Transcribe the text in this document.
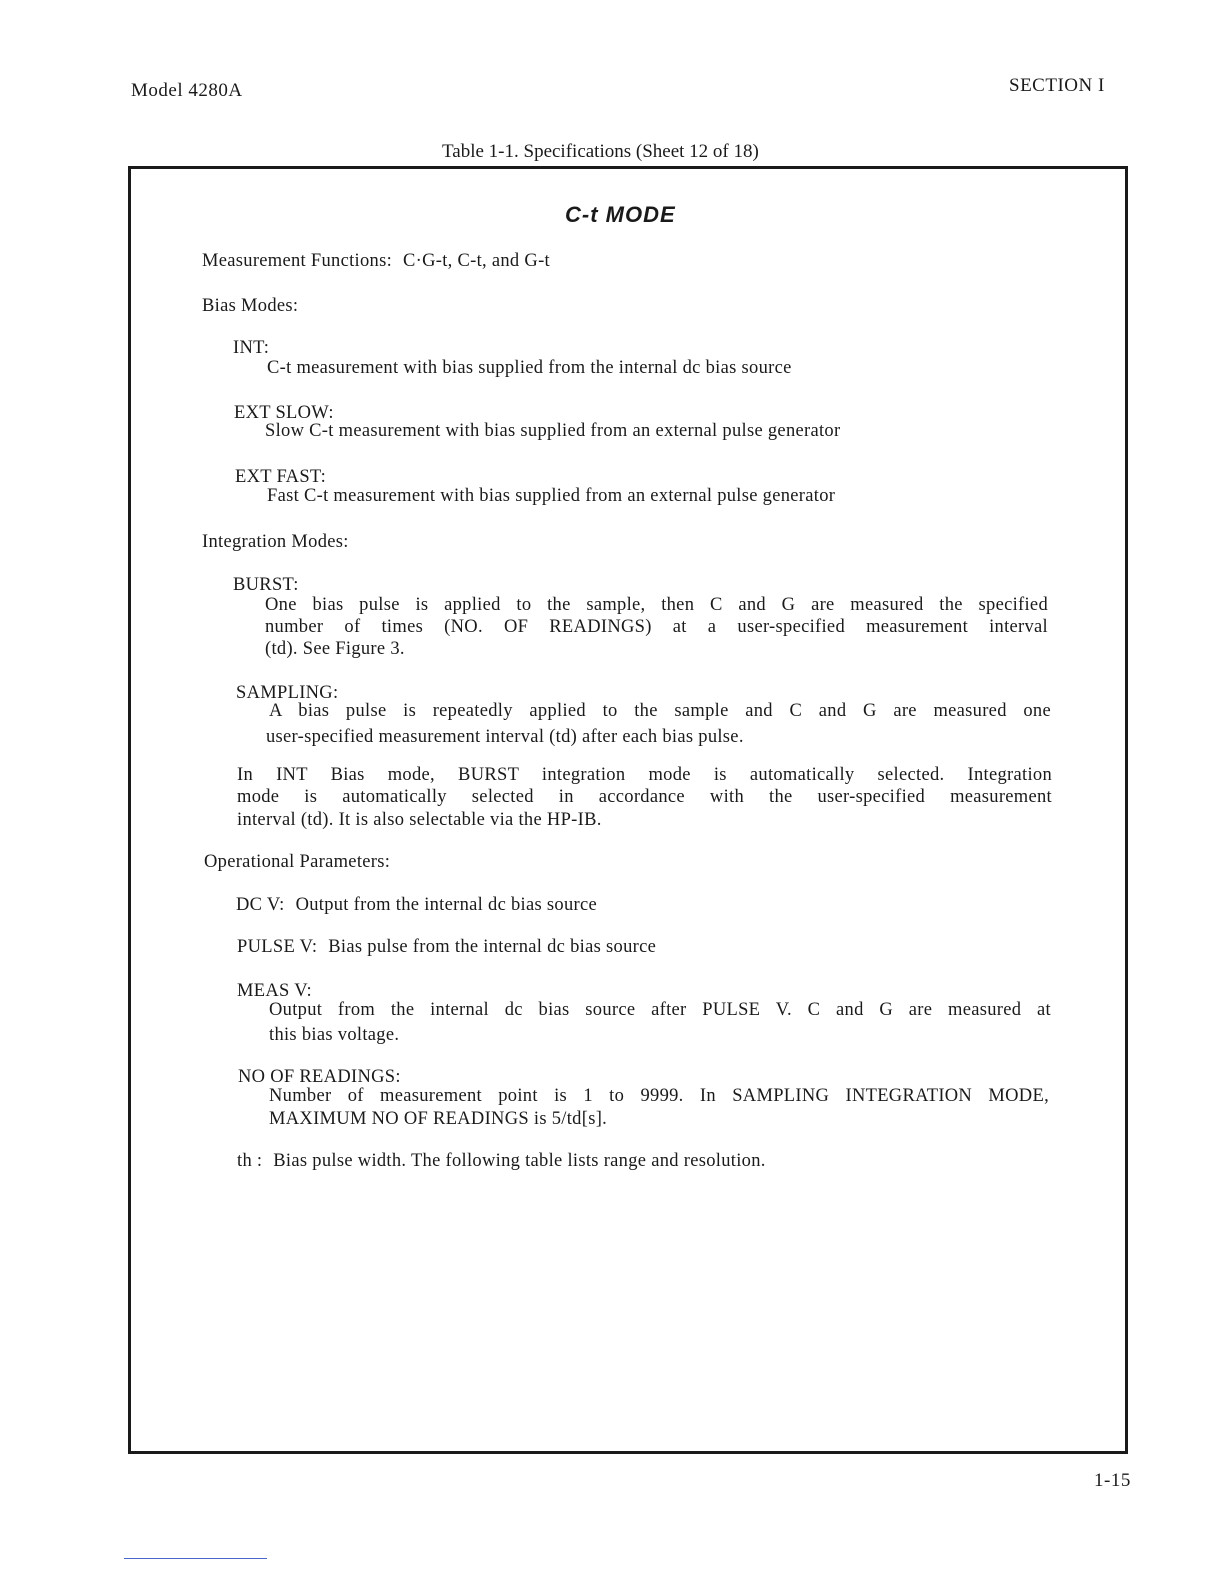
Model 4280A	SECTION I
Table 1-1. Specifications (Sheet 12 of 18)
C-t MODE
Measurement Functions: C·G-t, C-t, and G-t
Bias Modes:
INT:
C-t measurement with bias supplied from the internal dc bias source
EXT SLOW:
Slow C-t measurement with bias supplied from an external pulse generator
EXT FAST:
Fast C-t measurement with bias supplied from an external pulse generator
Integration Modes:
BURST:
One bias pulse is applied to the sample, then C and G are measured the specified
number of times (NO. OF READINGS) at a user-specified measurement interval
(td). See Figure 3.
SAMPLING:
A bias pulse is repeatedly applied to the sample and C and G are measured one
user-specified measurement interval (td) after each bias pulse.
In INT Bias mode, BURST integration mode is automatically selected. Integration
mode is automatically selected in accordance with the user-specified measurement
interval (td). It is also selectable via the HP-IB.
Operational Parameters:
DC V: Output from the internal dc bias source
PULSE V: Bias pulse from the internal dc bias source
MEAS V:
Output from the internal dc bias source after PULSE V. C and G are measured at
this bias voltage.
NO OF READINGS:
Number of measurement point is 1 to 9999. In SAMPLING INTEGRATION MODE,
MAXIMUM NO OF READINGS is 5/td[s].
th : Bias pulse width. The following table lists range and resolution.
1-15
